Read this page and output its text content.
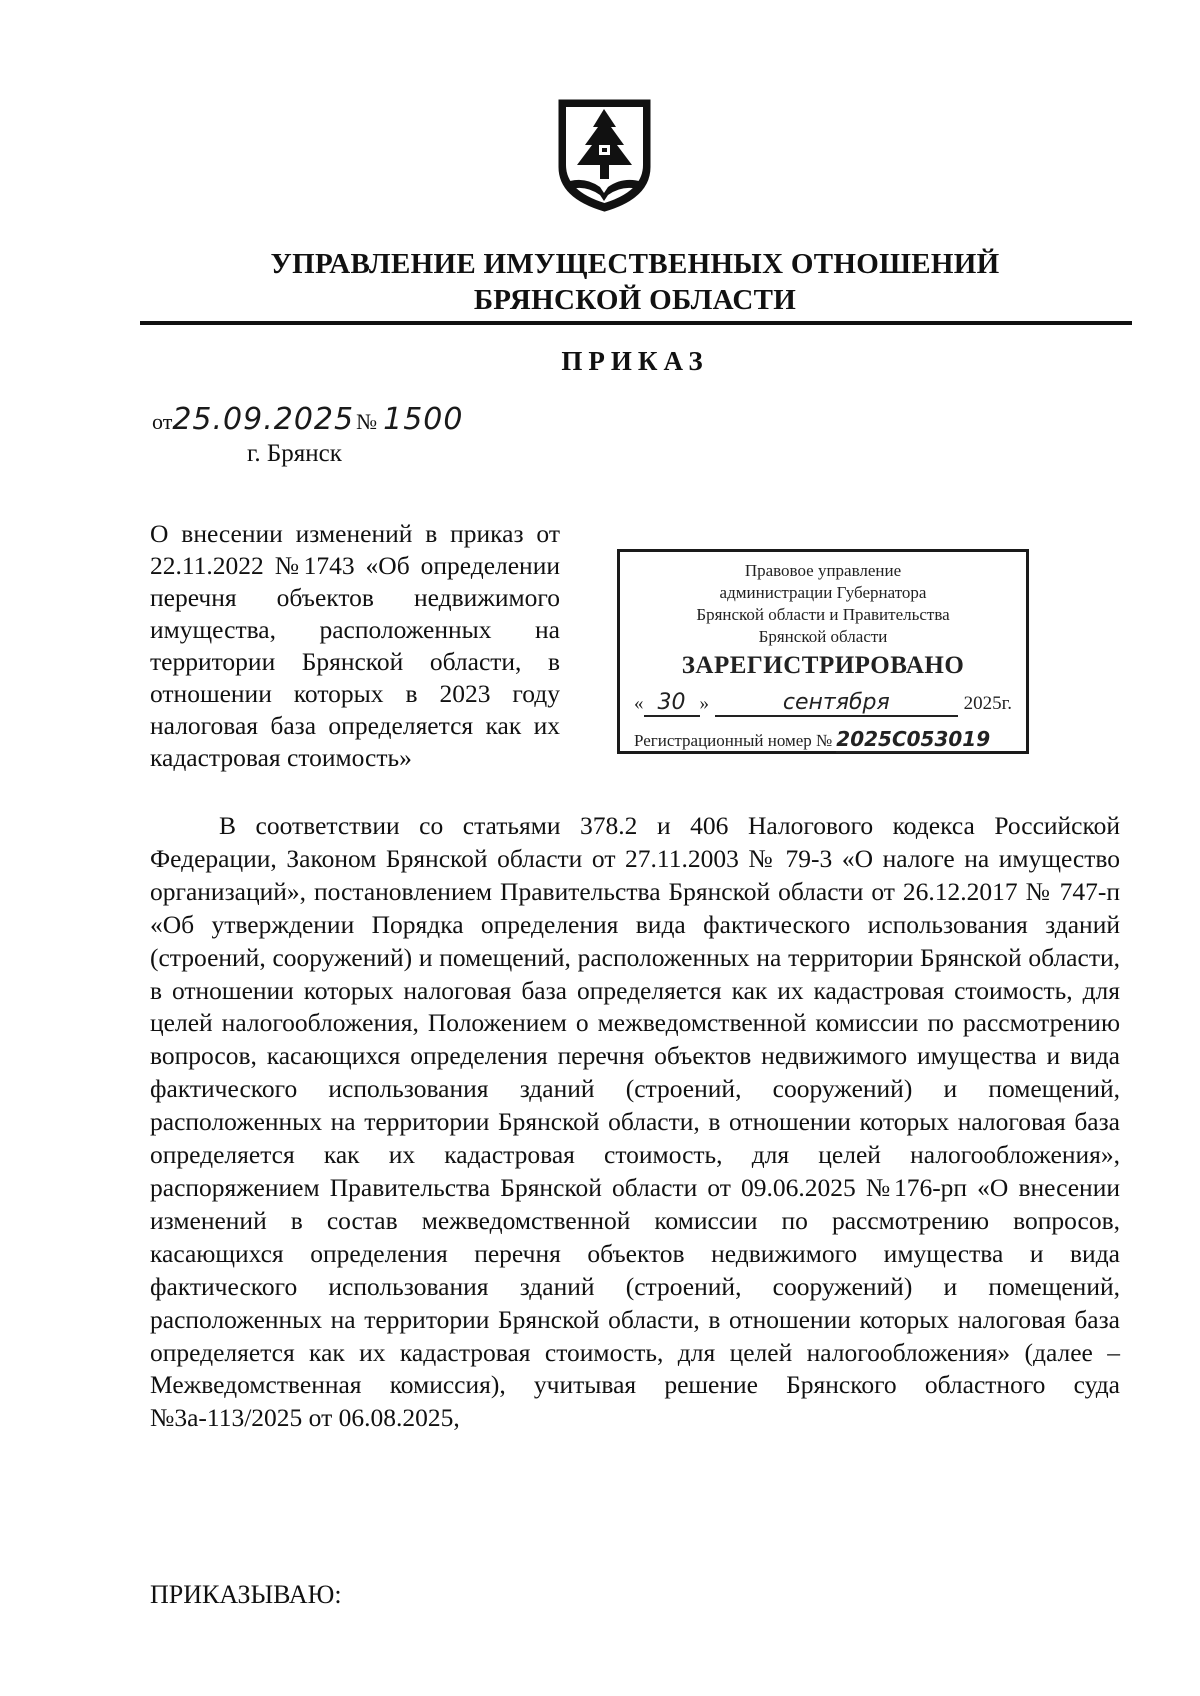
УПРАВЛЕНИЕ ИМУЩЕСТВЕННЫХ ОТНОШЕНИЙ
БРЯНСКОЙ ОБЛАСТИ
ПРИКАЗ
от 25.09.2025 № 1500
г. Брянск
О внесении изменений в приказ от 22.11.2022 №1743 «Об определении перечня объектов недвижимого имущества, расположенных на территории Брянской области, в отношении которых в 2023 году налоговая база определяется как их кадастровая стоимость»
Правовое управление
администрации Губернатора
Брянской области и Правительства
Брянской области
ЗАРЕГИСТРИРОВАНО
« 30 »	сентября	2025 г.
Регистрационный номер № 2025С053019
В соответствии со статьями 378.2 и 406 Налогового кодекса Российской Федерации, Законом Брянской области от 27.11.2003 № 79-3 «О налоге на имущество организаций», постановлением Правительства Брянской области от 26.12.2017 № 747-п «Об утверждении Порядка определения вида фактического использования зданий (строений, сооружений) и помещений, расположенных на территории Брянской области, в отношении которых налоговая база определяется как их кадастровая стоимость, для целей налогообложения, Положением о межведомственной комиссии по рассмотрению вопросов, касающихся определения перечня объектов недвижимого имущества и вида фактического использования зданий (строений, сооружений) и помещений, расположенных на территории Брянской области, в отношении которых налоговая база определяется как их кадастровая стоимость, для целей налогообложения», распоряжением Правительства Брянской области от 09.06.2025 №176-рп «О внесении изменений в состав межведомственной комиссии по рассмотрению вопросов, касающихся определения перечня объектов недвижимого имущества и вида фактического использования зданий (строений, сооружений) и помещений, расположенных на территории Брянской области, в отношении которых налоговая база определяется как их кадастровая стоимость, для целей налогообложения» (далее – Межведомственная комиссия), учитывая решение Брянского областного суда №3а-113/2025 от 06.08.2025,
ПРИКАЗЫВАЮ:
